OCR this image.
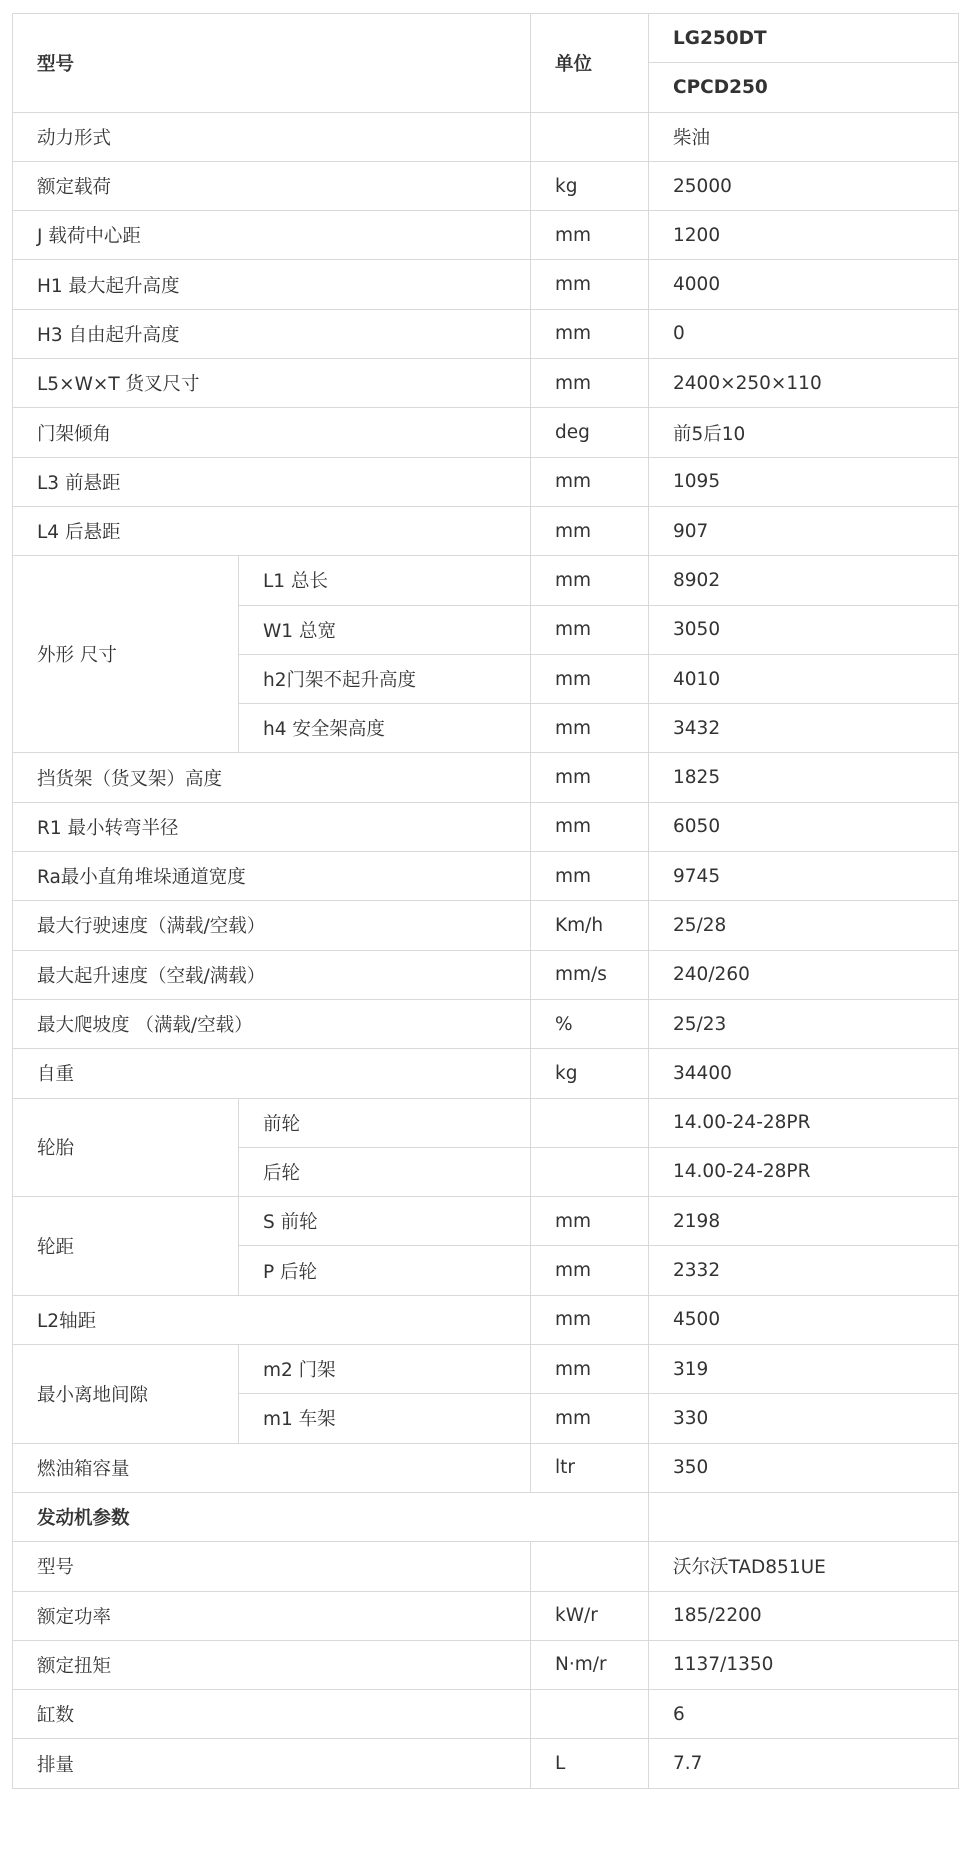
型号		单位	LG250DT
			CPCD250
动力形式			柴油
额定载荷		kg	25000
J 载荷中心距		mm	1200
H1 最大起升高度		mm	4000
H3 自由起升高度		mm	0
L5×W×T 货叉尺寸		mm	2400×250×110
门架倾角		deg	前5后10
L3 前悬距		mm	1095
L4 后悬距		mm	907
外形 尺寸	L1 总长	mm	8902
	W1 总宽	mm	3050
	h2门架不起升高度	mm	4010
	h4 安全架高度	mm	3432
挡货架（货叉架）高度		mm	1825
R1 最小转弯半径		mm	6050
Ra最小直角堆垛通道宽度		mm	9745
最大行驶速度（满载/空载）		Km/h	25/28
最大起升速度（空载/满载）		mm/s	240/260
最大爬坡度 （满载/空载）		%	25/23
自重		kg	34400
轮胎	前轮		14.00-24-28PR
	后轮		14.00-24-28PR
轮距	S 前轮	mm	2198
	P 后轮	mm	2332
L2轴距		mm	4500
最小离地间隙	m2 门架	mm	319
	m1 车架	mm	330
燃油箱容量		ltr	350
发动机参数			
型号			沃尔沃TAD851UE
额定功率		kW/r	185/2200
额定扭矩		N·m/r	1137/1350
缸数			6
排量		L	7.7
